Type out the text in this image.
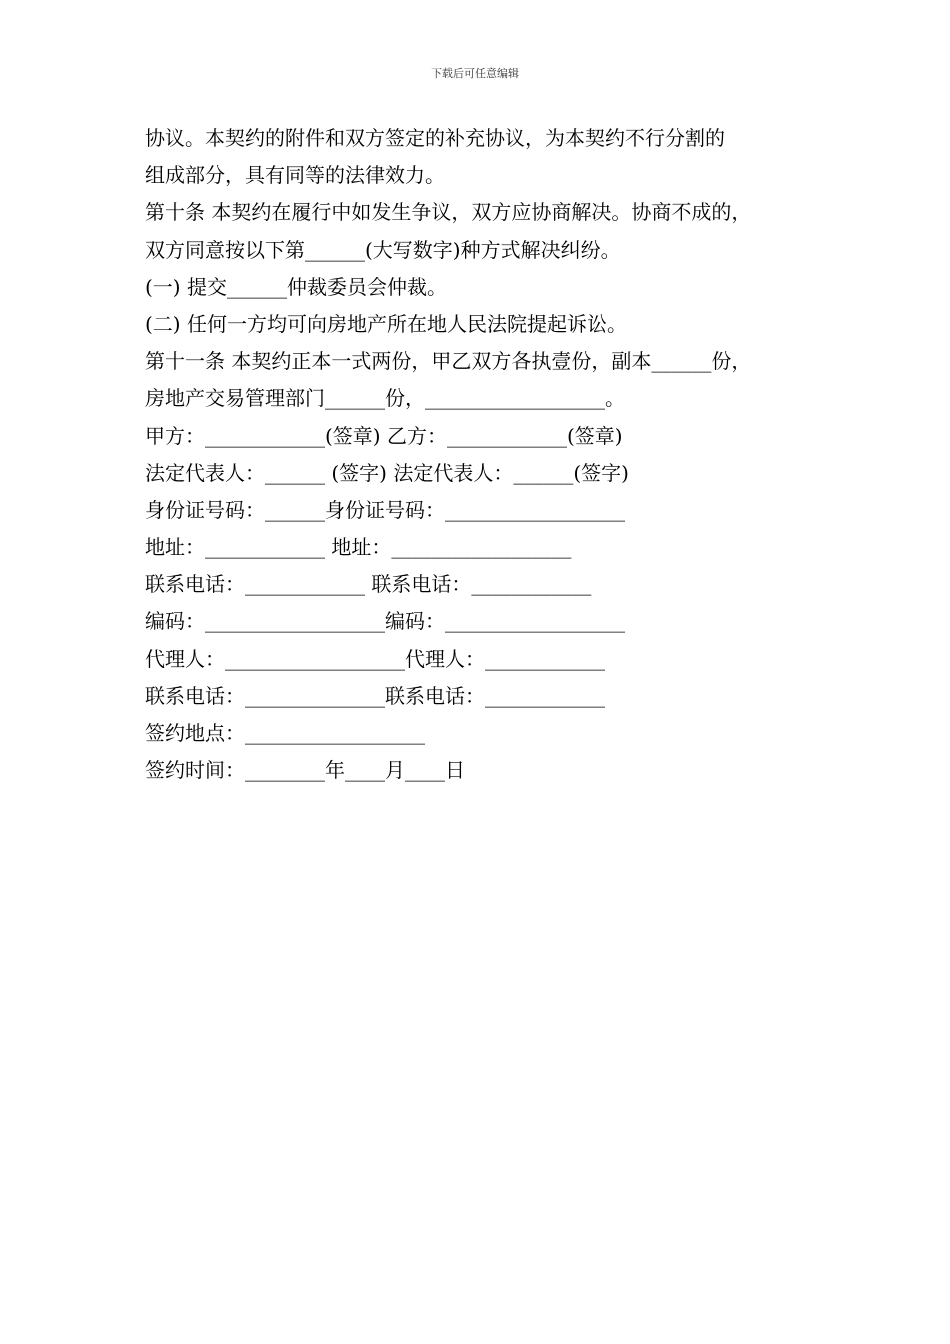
下载后可任意编辑
协议。本契约的附件和双方签定的补充协议，为本契约不行分割的
组成部分，具有同等的法律效力。
第十条 本契约在履行中如发生争议，双方应协商解决。协商不成的，
双方同意按以下第______(大写数字)种方式解决纠纷。
(一) 提交______仲裁委员会仲裁。
(二) 任何一方均可向房地产所在地人民法院提起诉讼。
第十一条 本契约正本一式两份，甲乙双方各执壹份，副本______份，
房地产交易管理部门______份，__________________。
甲方：____________(签章) 乙方：____________(签章)
法定代表人：______ (签字) 法定代表人：______(签字)
身份证号码：______身份证号码：__________________
地址：____________ 地址：__________________
联系电话：____________ 联系电话：____________
编码：__________________编码：__________________
代理人：__________________代理人：____________
联系电话：______________联系电话：____________
签约地点：__________________
签约时间：________年____月____日
